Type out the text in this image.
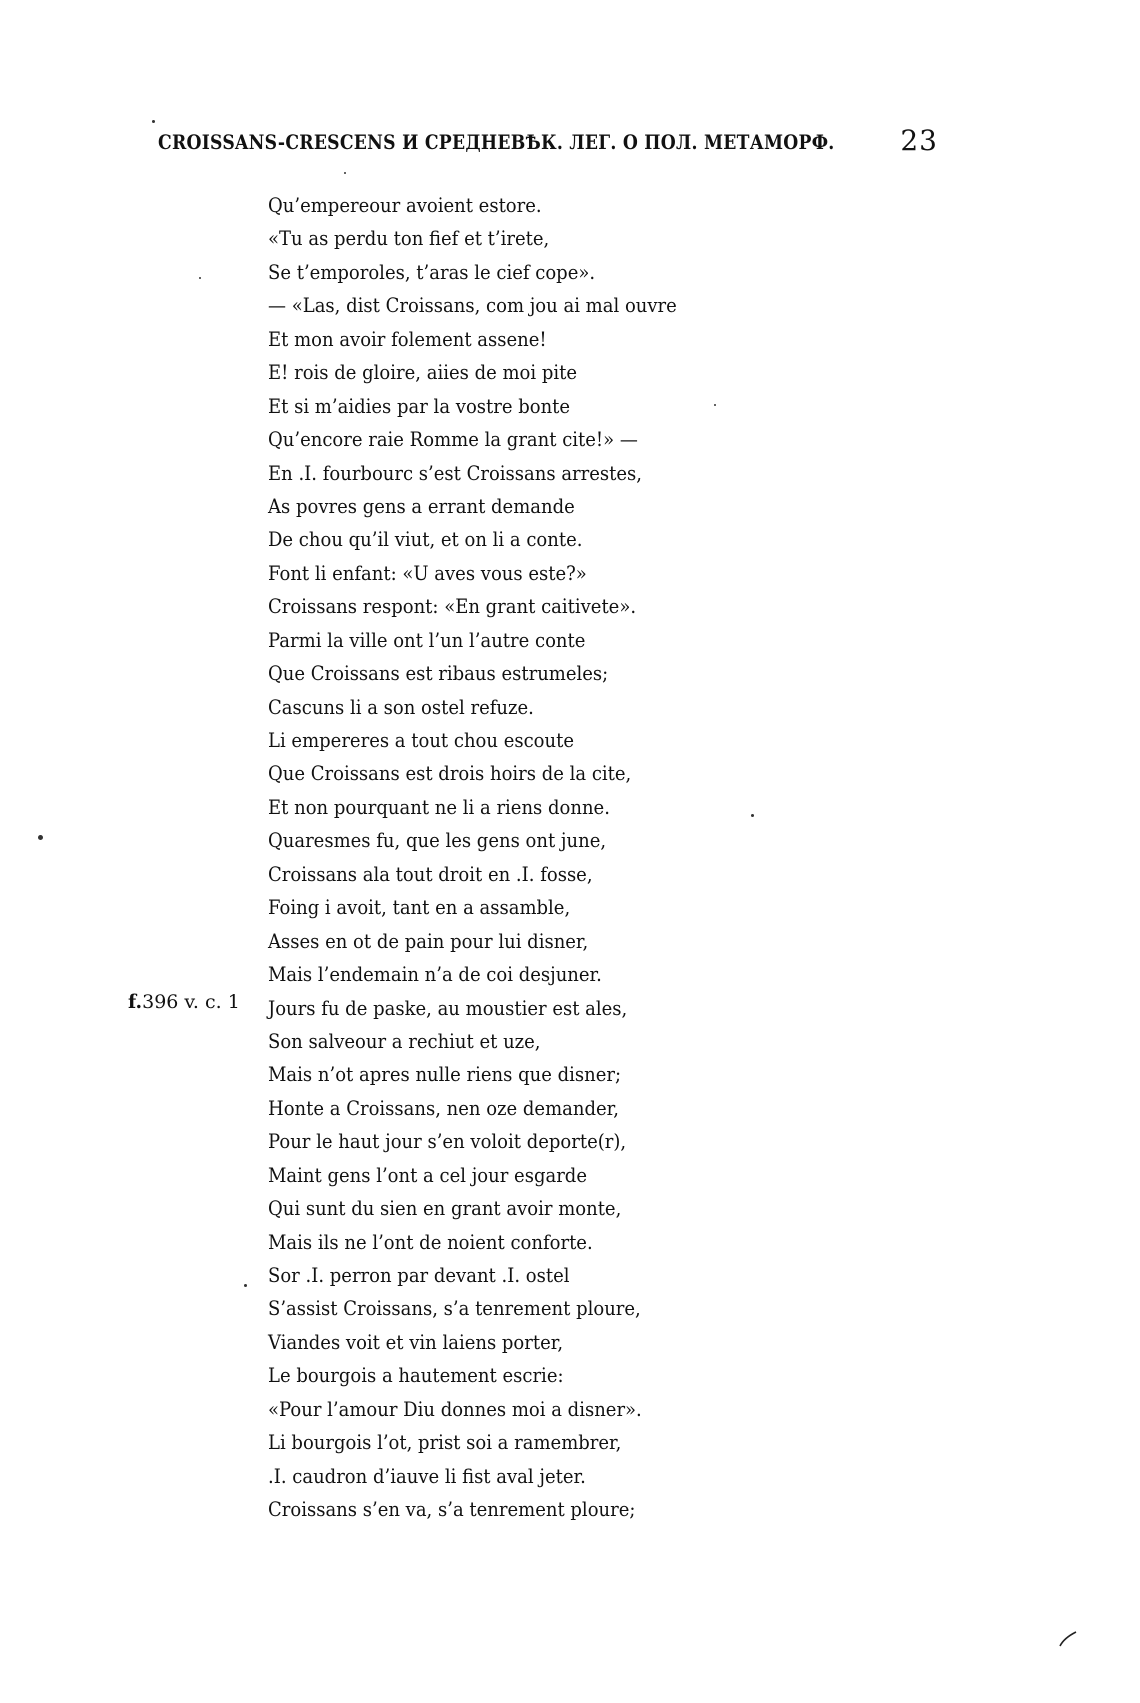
CROISSANS-CRESCENS И СРЕДНЕВѢК. ЛЕГ. О ПОЛ. МЕТАМОРФ. 23
f.396 v. c. 1
Qu’empereour avoient estore.
«Tu as perdu ton fief et t’irete,
Se t’emporoles, t’aras le cief cope».
— «Las, dist Croissans, com jou ai mal ouvre
Et mon avoir folement assene!
E! rois de gloire, aiies de moi pite
Et si m’aidies par la vostre bonte
Qu’encore raie Romme la grant cite!» —
En .I. fourbourc s’est Croissans arrestes,
As povres gens a errant demande
De chou qu’il viut, et on li a conte.
Font li enfant: «U aves vous este?»
Croissans respont: «En grant caitivete».
Parmi la ville ont l’un l’autre conte
Que Croissans est ribaus estrumeles;
Cascuns li a son ostel refuze.
Li empereres a tout chou escoute
Que Croissans est drois hoirs de la cite,
Et non pourquant ne li a riens donne.
Quaresmes fu, que les gens ont june,
Croissans ala tout droit en .I. fosse,
Foing i avoit, tant en a assamble,
Asses en ot de pain pour lui disner,
Mais l’endemain n’a de coi desjuner.
Jours fu de paske, au moustier est ales,
Son salveour a rechiut et uze,
Mais n’ot apres nulle riens que disner;
Honte a Croissans, nen oze demander,
Pour le haut jour s’en voloit deporte(r),
Maint gens l’ont a cel jour esgarde
Qui sunt du sien en grant avoir monte,
Mais ils ne l’ont de noient conforte.
Sor .I. perron par devant .I. ostel
S’assist Croissans, s’a tenrement ploure,
Viandes voit et vin laiens porter,
Le bourgois a hautement escrie:
«Pour l’amour Diu donnes moi a disner».
Li bourgois l’ot, prist soi a ramembrer,
.I. caudron d’iauve li fist aval jeter.
Croissans s’en va, s’a tenrement ploure;
